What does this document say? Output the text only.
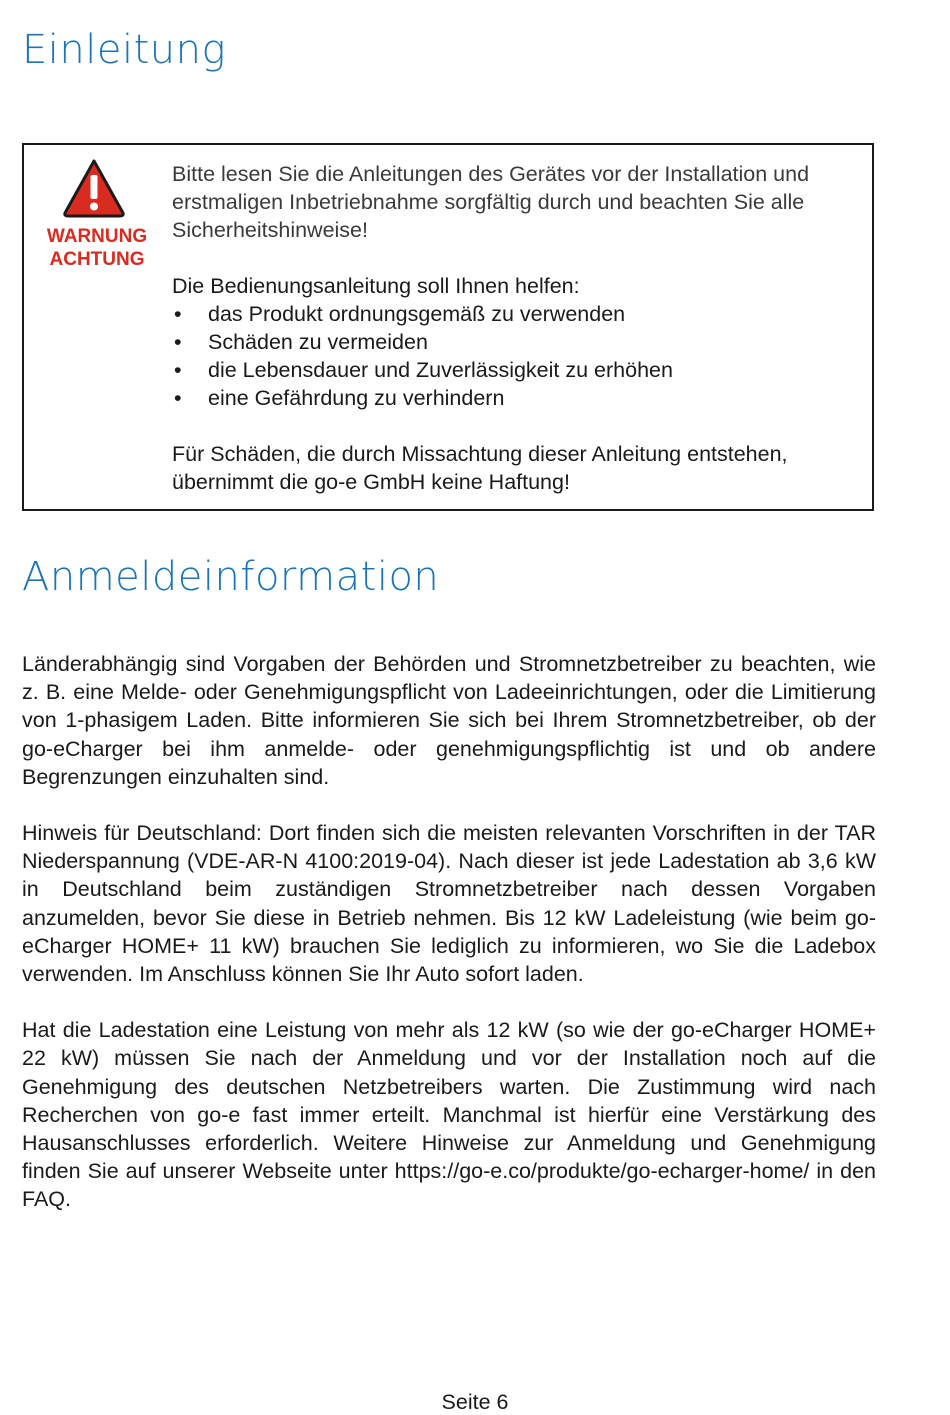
Einleitung
WARNUNG
ACHTUNG

Bitte lesen Sie die Anleitungen des Gerätes vor der Installation und erstmaligen Inbetriebnahme sorgfältig durch und beachten Sie alle Sicherheitshinweise!

Die Bedienungsanleitung soll Ihnen helfen:

• das Produkt ordnungsgemäß zu verwenden
• Schäden zu vermeiden
• die Lebensdauer und Zuverlässigkeit zu erhöhen
• eine Gefährdung zu verhindern

Für Schäden, die durch Missachtung dieser Anleitung entstehen, übernimmt die go-e GmbH keine Haftung!

Anmeldeinformation

Länderabhängig sind Vorgaben der Behörden und Stromnetzbetreiber zu beachten, wie z. B. eine Melde- oder Genehmigungspflicht von Ladeeinrichtungen, oder die Limitierung von 1-phasigem Laden. Bitte informieren Sie sich bei Ihrem Stromnetzbetreiber, ob der go-eCharger bei ihm anmelde- oder genehmigungspflichtig ist und ob andere Begrenzungen einzuhalten sind.

Hinweis für Deutschland: Dort finden sich die meisten relevanten Vorschriften in der TAR Niederspannung (VDE-AR-N 4100:2019-04). Nach dieser ist jede Ladestation ab 3,6 kW in Deutschland beim zuständigen Stromnetzbetreiber nach dessen Vorgaben anzumelden, bevor Sie diese in Betrieb nehmen. Bis 12 kW Ladeleistung (wie beim go-eCharger HOME+ 11 kW) brauchen Sie lediglich zu informieren, wo Sie die Ladebox verwenden. Im Anschluss können Sie Ihr Auto sofort laden.

Hat die Ladestation eine Leistung von mehr als 12 kW (so wie der go-eCharger HOME+ 22 kW) müssen Sie nach der Anmeldung und vor der Installation noch auf die Genehmigung des deutschen Netzbetreibers warten. Die Zustimmung wird nach Recherchen von go-e fast immer erteilt. Manchmal ist hierfür eine Verstärkung des Hausanschlusses erforderlich. Weitere Hinweise zur Anmeldung und Genehmigung finden Sie auf unserer Webseite unter https://go-e.co/produkte/go-echarger-home/ in den FAQ.

Seite 6
